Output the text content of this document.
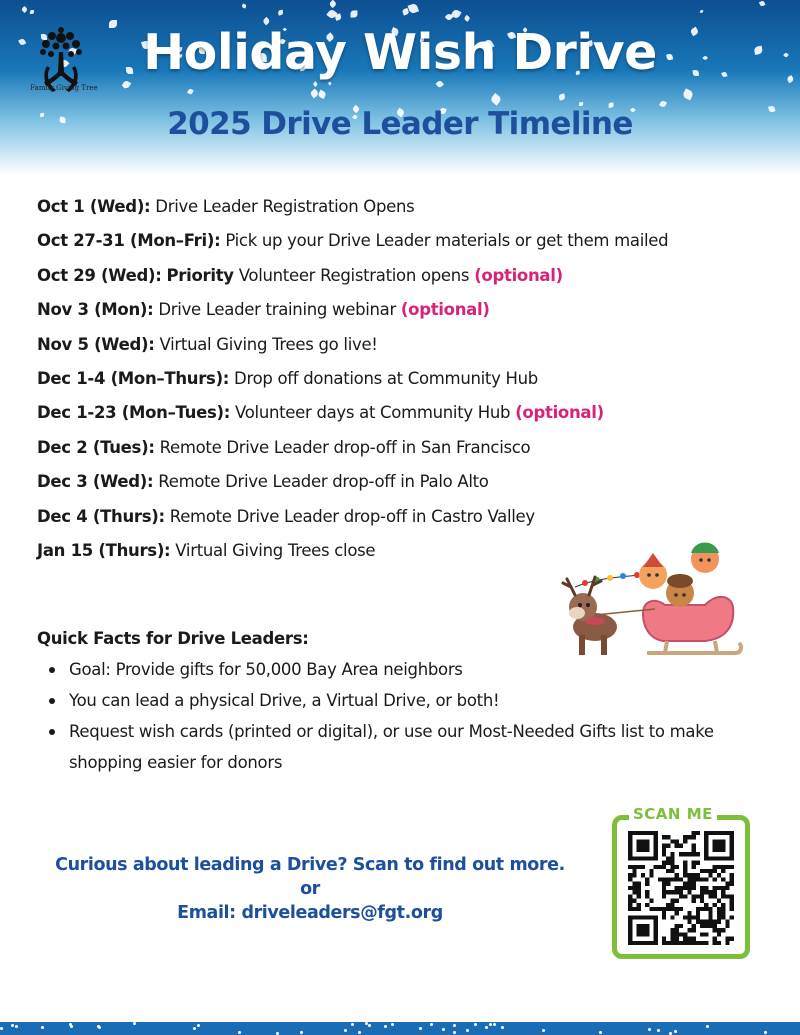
Family Giving Tree
Holiday Wish Drive
2025 Drive Leader Timeline
Oct 1 (Wed): Drive Leader Registration Opens
Oct 27-31 (Mon–Fri): Pick up your Drive Leader materials or get them mailed
Oct 29 (Wed): Priority Volunteer Registration opens (optional)
Nov 3 (Mon): Drive Leader training webinar (optional)
Nov 5 (Wed): Virtual Giving Trees go live!
Dec 1-4 (Mon–Thurs): Drop off donations at Community Hub
Dec 1-23 (Mon–Tues): Volunteer days at Community Hub (optional)
Dec 2 (Tues): Remote Drive Leader drop-off in San Francisco
Dec 3 (Wed): Remote Drive Leader drop-off in Palo Alto
Dec 4 (Thurs): Remote Drive Leader drop-off in Castro Valley
Jan 15 (Thurs): Virtual Giving Trees close
Quick Facts for Drive Leaders:
Goal: Provide gifts for 50,000 Bay Area neighbors
You can lead a physical Drive, a Virtual Drive, or both!
Request wish cards (printed or digital), or use our Most-Needed Gifts list to make shopping easier for donors
Curious about leading a Drive? Scan to find out more.
or
Email: driveleaders@fgt.org
SCAN ME
